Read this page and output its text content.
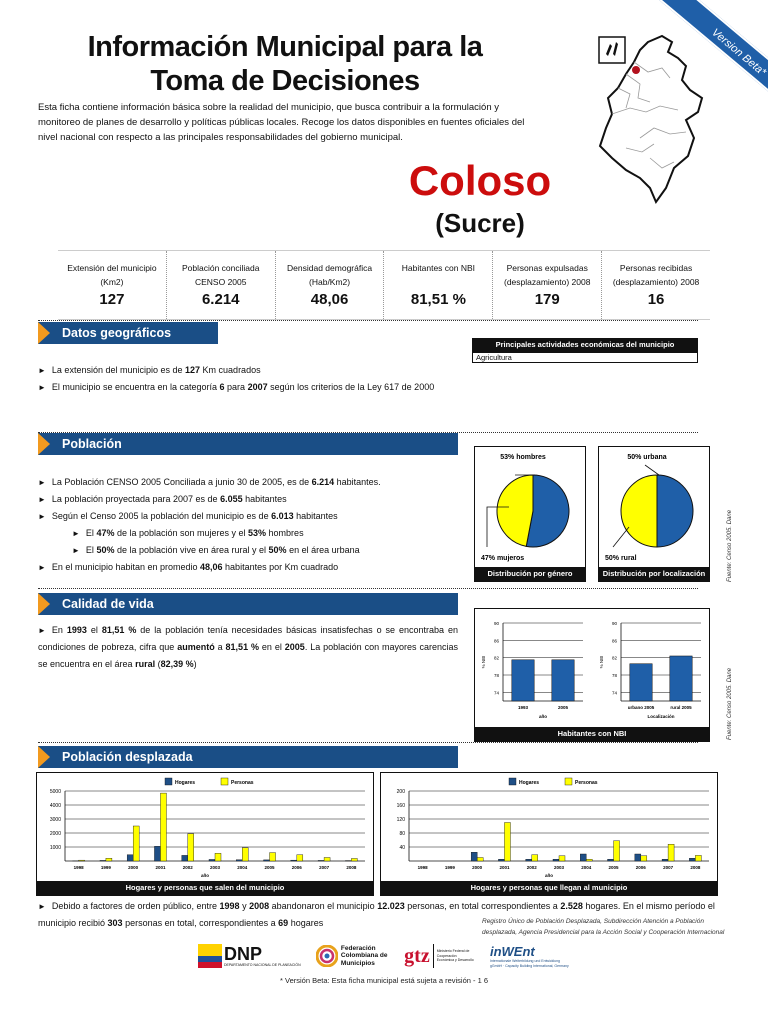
Version Beta*
Información Municipal para la
Toma de Decisiones
Esta ficha contiene información básica sobre la realidad del municipio, que busca contribuir a la formulación y monitoreo de planes de desarrollo y políticas públicas locales. Recoge los datos disponibles en fuentes oficiales del nivel nacional con respecto a las principales responsabilidades del gobierno municipal.
Coloso
(Sucre)
Extensión del municipio
(Km2)
127
Población conciliada
CENSO 2005
6.214
Densidad demográfica
(Hab/Km2)
48,06
Habitantes con NBI
81,51 %
Personas expulsadas
(desplazamiento) 2008
179
Personas recibidas
(desplazamiento) 2008
16
Datos geográficos
Principales actividades económicas del municipio
Agricultura
► La extensión del municipio es de 127 Km cuadrados
► El municipio se encuentra en la categoría 6 para 2007 según los criterios de la Ley 617 de 2000
Población
► La Población CENSO 2005 Conciliada a junio 30 de 2005, es de 6.214 habitantes.
► La población proyectada para 2007 es de 6.055 habitantes
► Según el Censo 2005 la población del municipio es de 6.013 habitantes
► El 47% de la población son mujeres y el 53% hombres
► El 50% de la población vive en área rural y el 50% en el área urbana
► En el municipio habitan en promedio 48,06 habitantes por Km cuadrado
53% hombres
47% mujeros
Distribución por género
50% urbana
50% rural
Distribución por localización	Fuente: Censo 2005. Dane
Calidad de vida
► En 1993 el 81,51 % de la población tenía necesidades básicas insatisfechas o se encontraba en condiciones de pobreza, cifra que aumentó a 81,51 % en el 2005. La población con mayores carencias se encuentra en el área rural (82,39 %)
74
78
82
86
90
1993	2005
año
% NBI
74
78
82
86
90
urbano 2005	rural 2005
Localización
% NBI
Habitantes con NBI	Fuente: Censo 2005. Dane
Población desplazada
1000
2000
3000
4000
5000
1998	1999	2000	2001	2002	2003	2004	2005	2006	2007	2008
año
Hogares	Personas
Hogares y personas que salen del municipio
40
80
120
160
200
1998	1999	2000	2001	2002	2003	2004	2005	2006	2007	2008
año
Hogares	Personas
Hogares y personas que llegan al municipio
► Debido a factores de orden público, entre 1998 y 2008 abandonaron el municipio 12.023 personas, en total correspondientes a 2.528 hogares. En el mismo período el municipio recibió 303 personas en total, correspondientes a 69 hogares	Registro Único de Población Desplazada, Subdirección Atención a Población desplazada, Agencia Presidencial para la Acción Social y Cooperación Internacional
DNP
DEPARTAMENTO NACIONAL DE PLANEACIÓN
Federación Colombiana de Municipios	gtz Ministerio Federal de Cooperación Económica y Desarrollo
inWEnt
Internationale Weiterbildung und Entwicklung gGmbH · Capacity Building International, Germany
* Versión Beta: Esta ficha municipal está sujeta a revisión - 1 6
